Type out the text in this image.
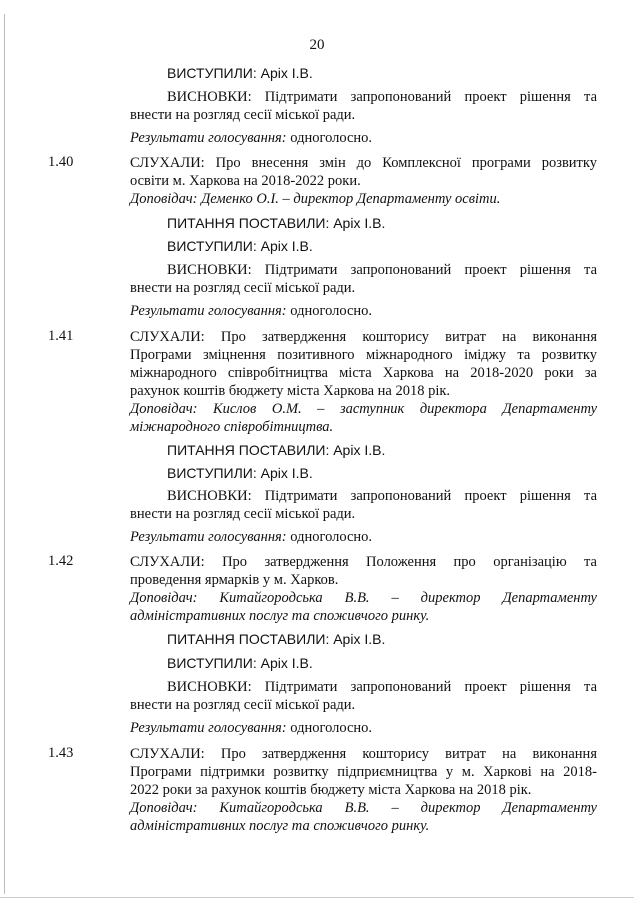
20
ВИСТУПИЛИ: Аріх І.В.
ВИСНОВКИ: Підтримати запропонований проект рішення та
внести на розгляд сесії міської ради.
Результати голосування: одноголосно.
1.40	СЛУХАЛИ: Про внесення змін до Комплексної програми розвитку
освіти м. Харкова на 2018-2022 роки.
Доповідач: Деменко О.І. – директор Департаменту освіти.
ПИТАННЯ ПОСТАВИЛИ: Аріх І.В.
ВИСТУПИЛИ: Аріх І.В.
ВИСНОВКИ: Підтримати запропонований проект рішення та
внести на розгляд сесії міської ради.
Результати голосування: одноголосно.
1.41	СЛУХАЛИ: Про затвердження кошторису витрат на виконання
Програми зміцнення позитивного міжнародного іміджу та розвитку
міжнародного співробітництва міста Харкова на 2018-2020 роки за
рахунок коштів бюджету міста Харкова на 2018 рік.
Доповідач: Кислов О.М. – заступник директора Департаменту
міжнародного співробітництва.
ПИТАННЯ ПОСТАВИЛИ: Аріх І.В.
ВИСТУПИЛИ: Аріх І.В.
ВИСНОВКИ: Підтримати запропонований проект рішення та
внести на розгляд сесії міської ради.
Результати голосування: одноголосно.
1.42	СЛУХАЛИ: Про затвердження Положення про організацію та
проведення ярмарків у м. Харков.
Доповідач: Китайгородська В.В. – директор Департаменту
адміністративних послуг та споживчого ринку.
ПИТАННЯ ПОСТАВИЛИ: Аріх І.В.
ВИСТУПИЛИ: Аріх І.В.
ВИСНОВКИ: Підтримати запропонований проект рішення та
внести на розгляд сесії міської ради.
Результати голосування: одноголосно.
1.43	СЛУХАЛИ: Про затвердження кошторису витрат на виконання
Програми підтримки розвитку підприємництва у м. Харкові на 2018-
2022 роки за рахунок коштів бюджету міста Харкова на 2018 рік.
Доповідач: Китайгородська В.В. – директор Департаменту
адміністративних послуг та споживчого ринку.
